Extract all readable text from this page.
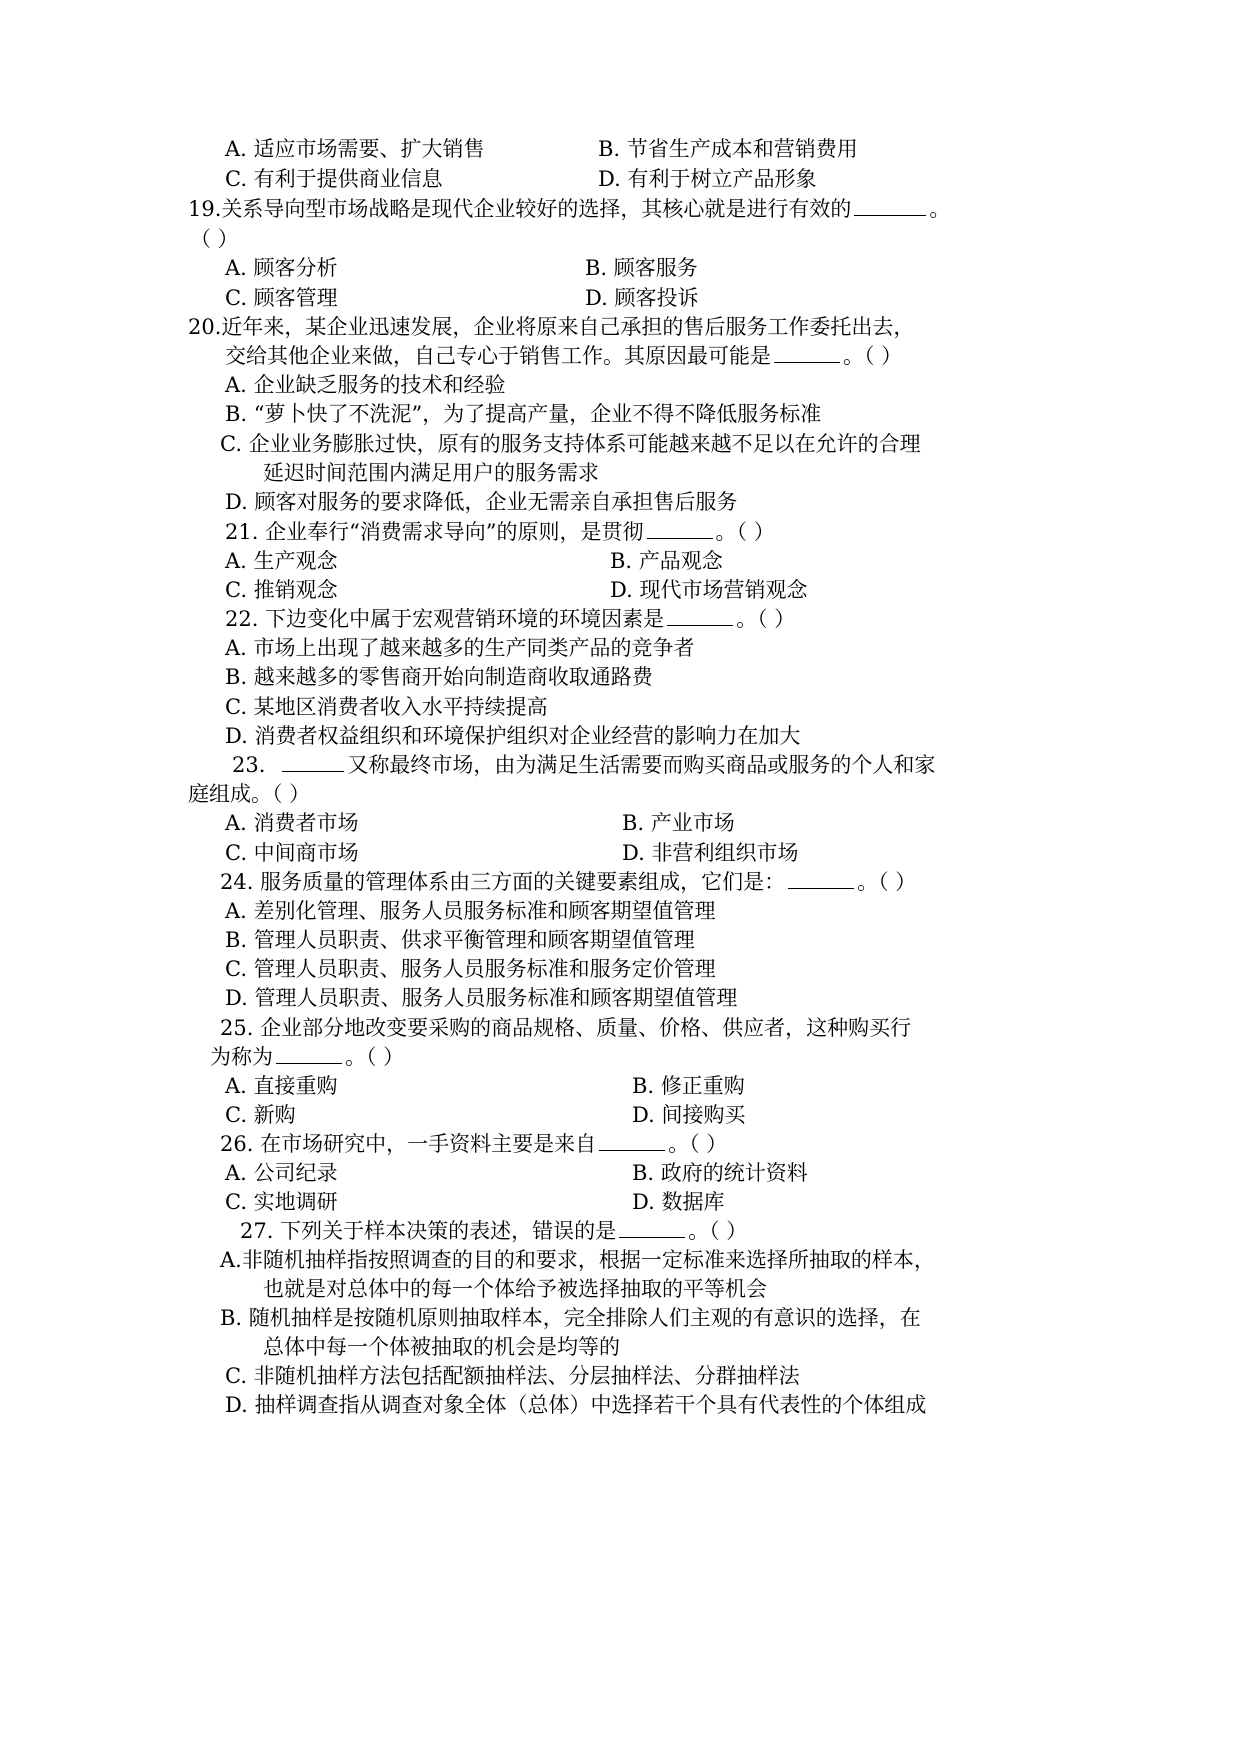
A. 适应市场需要、扩大销售	B. 节省生产成本和营销费用
C. 有利于提供商业信息	D. 有利于树立产品形象
19.关系导向型市场战略是现代企业较好的选择，其核心就是进行有效的	。
（ ）
A. 顾客分析	B. 顾客服务
C. 顾客管理	D. 顾客投诉
20.近年来，某企业迅速发展，企业将原来自己承担的售后服务工作委托出去，
交给其他企业来做，自己专心于销售工作。其原因最可能是	。（ ）
A. 企业缺乏服务的技术和经验
B. “萝卜快了不洗泥”，为了提高产量，企业不得不降低服务标准
C. 企业业务膨胀过快，原有的服务支持体系可能越来越不足以在允许的合理
延迟时间范围内满足用户的服务需求
D. 顾客对服务的要求降低，企业无需亲自承担售后服务
21. 企业奉行“消费需求导向”的原则，是贯彻	。（ ）
A. 生产观念	B. 产品观念
C. 推销观念	D. 现代市场营销观念
22. 下边变化中属于宏观营销环境的环境因素是	。（ ）
A. 市场上出现了越来越多的生产同类产品的竞争者
B. 越来越多的零售商开始向制造商收取通路费
C. 某地区消费者收入水平持续提高
D. 消费者权益组织和环境保护组织对企业经营的影响力在加大
23.	又称最终市场，由为满足生活需要而购买商品或服务的个人和家
庭组成。（ ）
A. 消费者市场	B. 产业市场
C. 中间商市场	D. 非营利组织市场
24. 服务质量的管理体系由三方面的关键要素组成，它们是：	。（ ）
A. 差别化管理、服务人员服务标准和顾客期望值管理
B. 管理人员职责、供求平衡管理和顾客期望值管理
C. 管理人员职责、服务人员服务标准和服务定价管理
D. 管理人员职责、服务人员服务标准和顾客期望值管理
25. 企业部分地改变要采购的商品规格、质量、价格、供应者，这种购买行
为称为	。（ ）
A. 直接重购	B. 修正重购
C. 新购	D. 间接购买
26. 在市场研究中，一手资料主要是来自	。（ ）
A. 公司纪录	B. 政府的统计资料
C. 实地调研	D. 数据库
27. 下列关于样本决策的表述，错误的是	。（ ）
A.非随机抽样指按照调查的目的和要求，根据一定标准来选择所抽取的样本，
也就是对总体中的每一个体给予被选择抽取的平等机会
B. 随机抽样是按随机原则抽取样本，完全排除人们主观的有意识的选择，在
总体中每一个体被抽取的机会是均等的
C. 非随机抽样方法包括配额抽样法、分层抽样法、分群抽样法
D. 抽样调查指从调查对象全体（总体）中选择若干个具有代表性的个体组成
